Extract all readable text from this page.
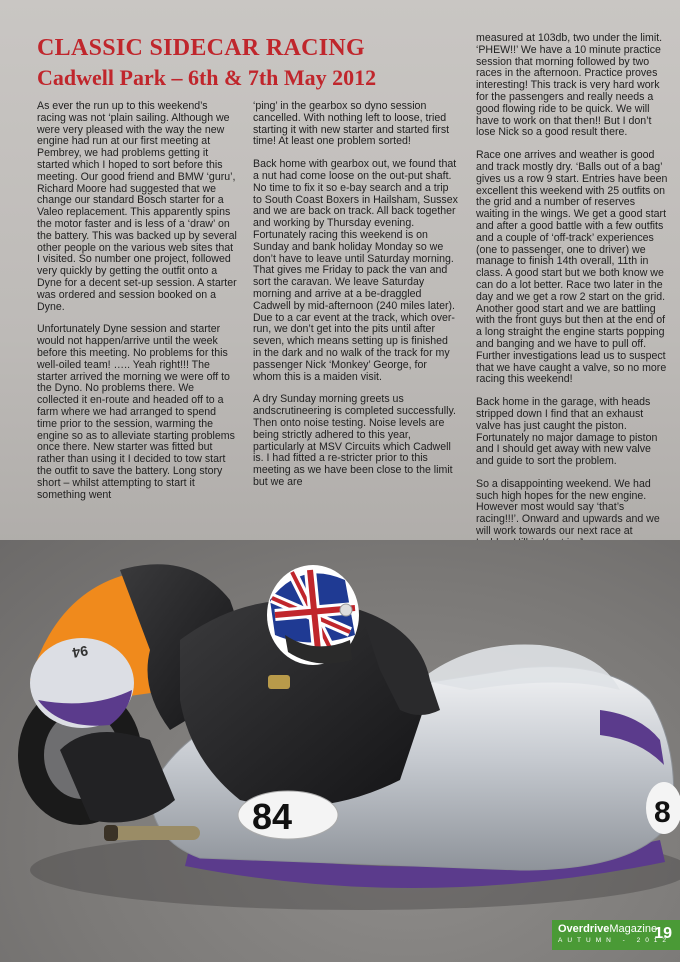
CLASSIC SIDECAR RACING
Cadwell Park – 6th & 7th May 2012

As ever the run up to this weekend’s racing was not ‘plain sailing. Although we were very pleased with the way the new engine had run at our first meeting at Pembrey, we had problems getting it started which I hoped to sort before this meeting. Our good friend and BMW ‘guru’, Richard Moore had suggested that we change our standard Bosch starter for a Valeo replacement. This apparently spins the motor faster and is less of a ‘draw’ on the battery. This was backed up by several other people on the various web sites that I visited. So number one project, followed very quickly by getting the outfit onto a Dyne for a decent set-up session. A starter was ordered and session booked on a Dyne.

Unfortunately Dyne session and starter would not happen/arrive until the week before this meeting. No problems for this well-oiled team! ….. Yeah right!!! The starter arrived the morning we were off to the Dyno. No problems there. We collected it en-route and headed off to a farm where we had arranged to spend time prior to the session, warming the engine so as to alleviate starting problems once there. New starter was fitted but rather than using it I decided to tow start the outfit to save the battery. Long story short – whilst attempting to start it something went

‘ping’ in the gearbox so dyno session cancelled. With nothing left to loose, tried starting it with new starter and started first time! At least one problem sorted!

Back home with gearbox out, we found that a nut had come loose on the out-put shaft. No time to fix it so e-bay search and a trip to South Coast Boxers in Hailsham, Sussex and we are back on track. All back together and working by Thursday evening. Fortunately racing this weekend is on Sunday and bank holiday Monday so we don’t have to leave until Saturday morning. That gives me Friday to pack the van and sort the caravan. We leave Saturday morning and arrive at a be-draggled Cadwell by mid-afternoon (240 miles later). Due to a car event at the track, which over-run, we don’t get into the pits until after seven, which means setting up is finished in the dark and no walk of the track for my passenger Nick ‘Monkey’ George, for whom this is a maiden visit.

A dry Sunday morning greets us andscrutineering is completed successfully. Then onto noise testing. Noise levels are being strictly adhered to this year, particularly at MSV Circuits which Cadwell is. I had fitted a re-stricter prior to this meeting as we have been close to the limit but we are

measured at 103db, two under the limit. ‘PHEW!!’ We have a 10 minute practice session that morning followed by two races in the afternoon. Practice proves interesting! This track is very hard work for the passengers and really needs a good flowing ride to be quick. We will have to work on that then!! But I don’t lose Nick so a good result there.

Race one arrives and weather is good and track mostly dry. ‘Balls out of a bag’ gives us a row 9 start. Entries have been excellent this weekend with 25 outfits on the grid and a number of reserves waiting in the wings. We get a good start and after a good battle with a few outfits and a couple of ‘off-track’ experiences (one to passenger, one to driver) we manage to finish 14th overall, 11th in class. A good start but we both know we can do a lot better. Race two later in the day and we get a row 2 start on the grid. Another good start and we are battling with the front guys but then at the end of a long straight the engine starts popping and banging and we have to pull off. Further investigations lead us to suspect that we have caught a valve, so no more racing this weekend!

Back home in the garage, with heads stripped down I find that an exhaust valve has just caught the piston. Fortunately no major damage to piston and I should get away with new valve and guide to sort the problem.

So a disappointing weekend. We had such high hopes for the new engine. However most would say ‘that’s racing!!!’. Onward and upwards and we will work towards our next race at

94
84	8
OverdriveMagazine
AUTUMN - 2012
19
